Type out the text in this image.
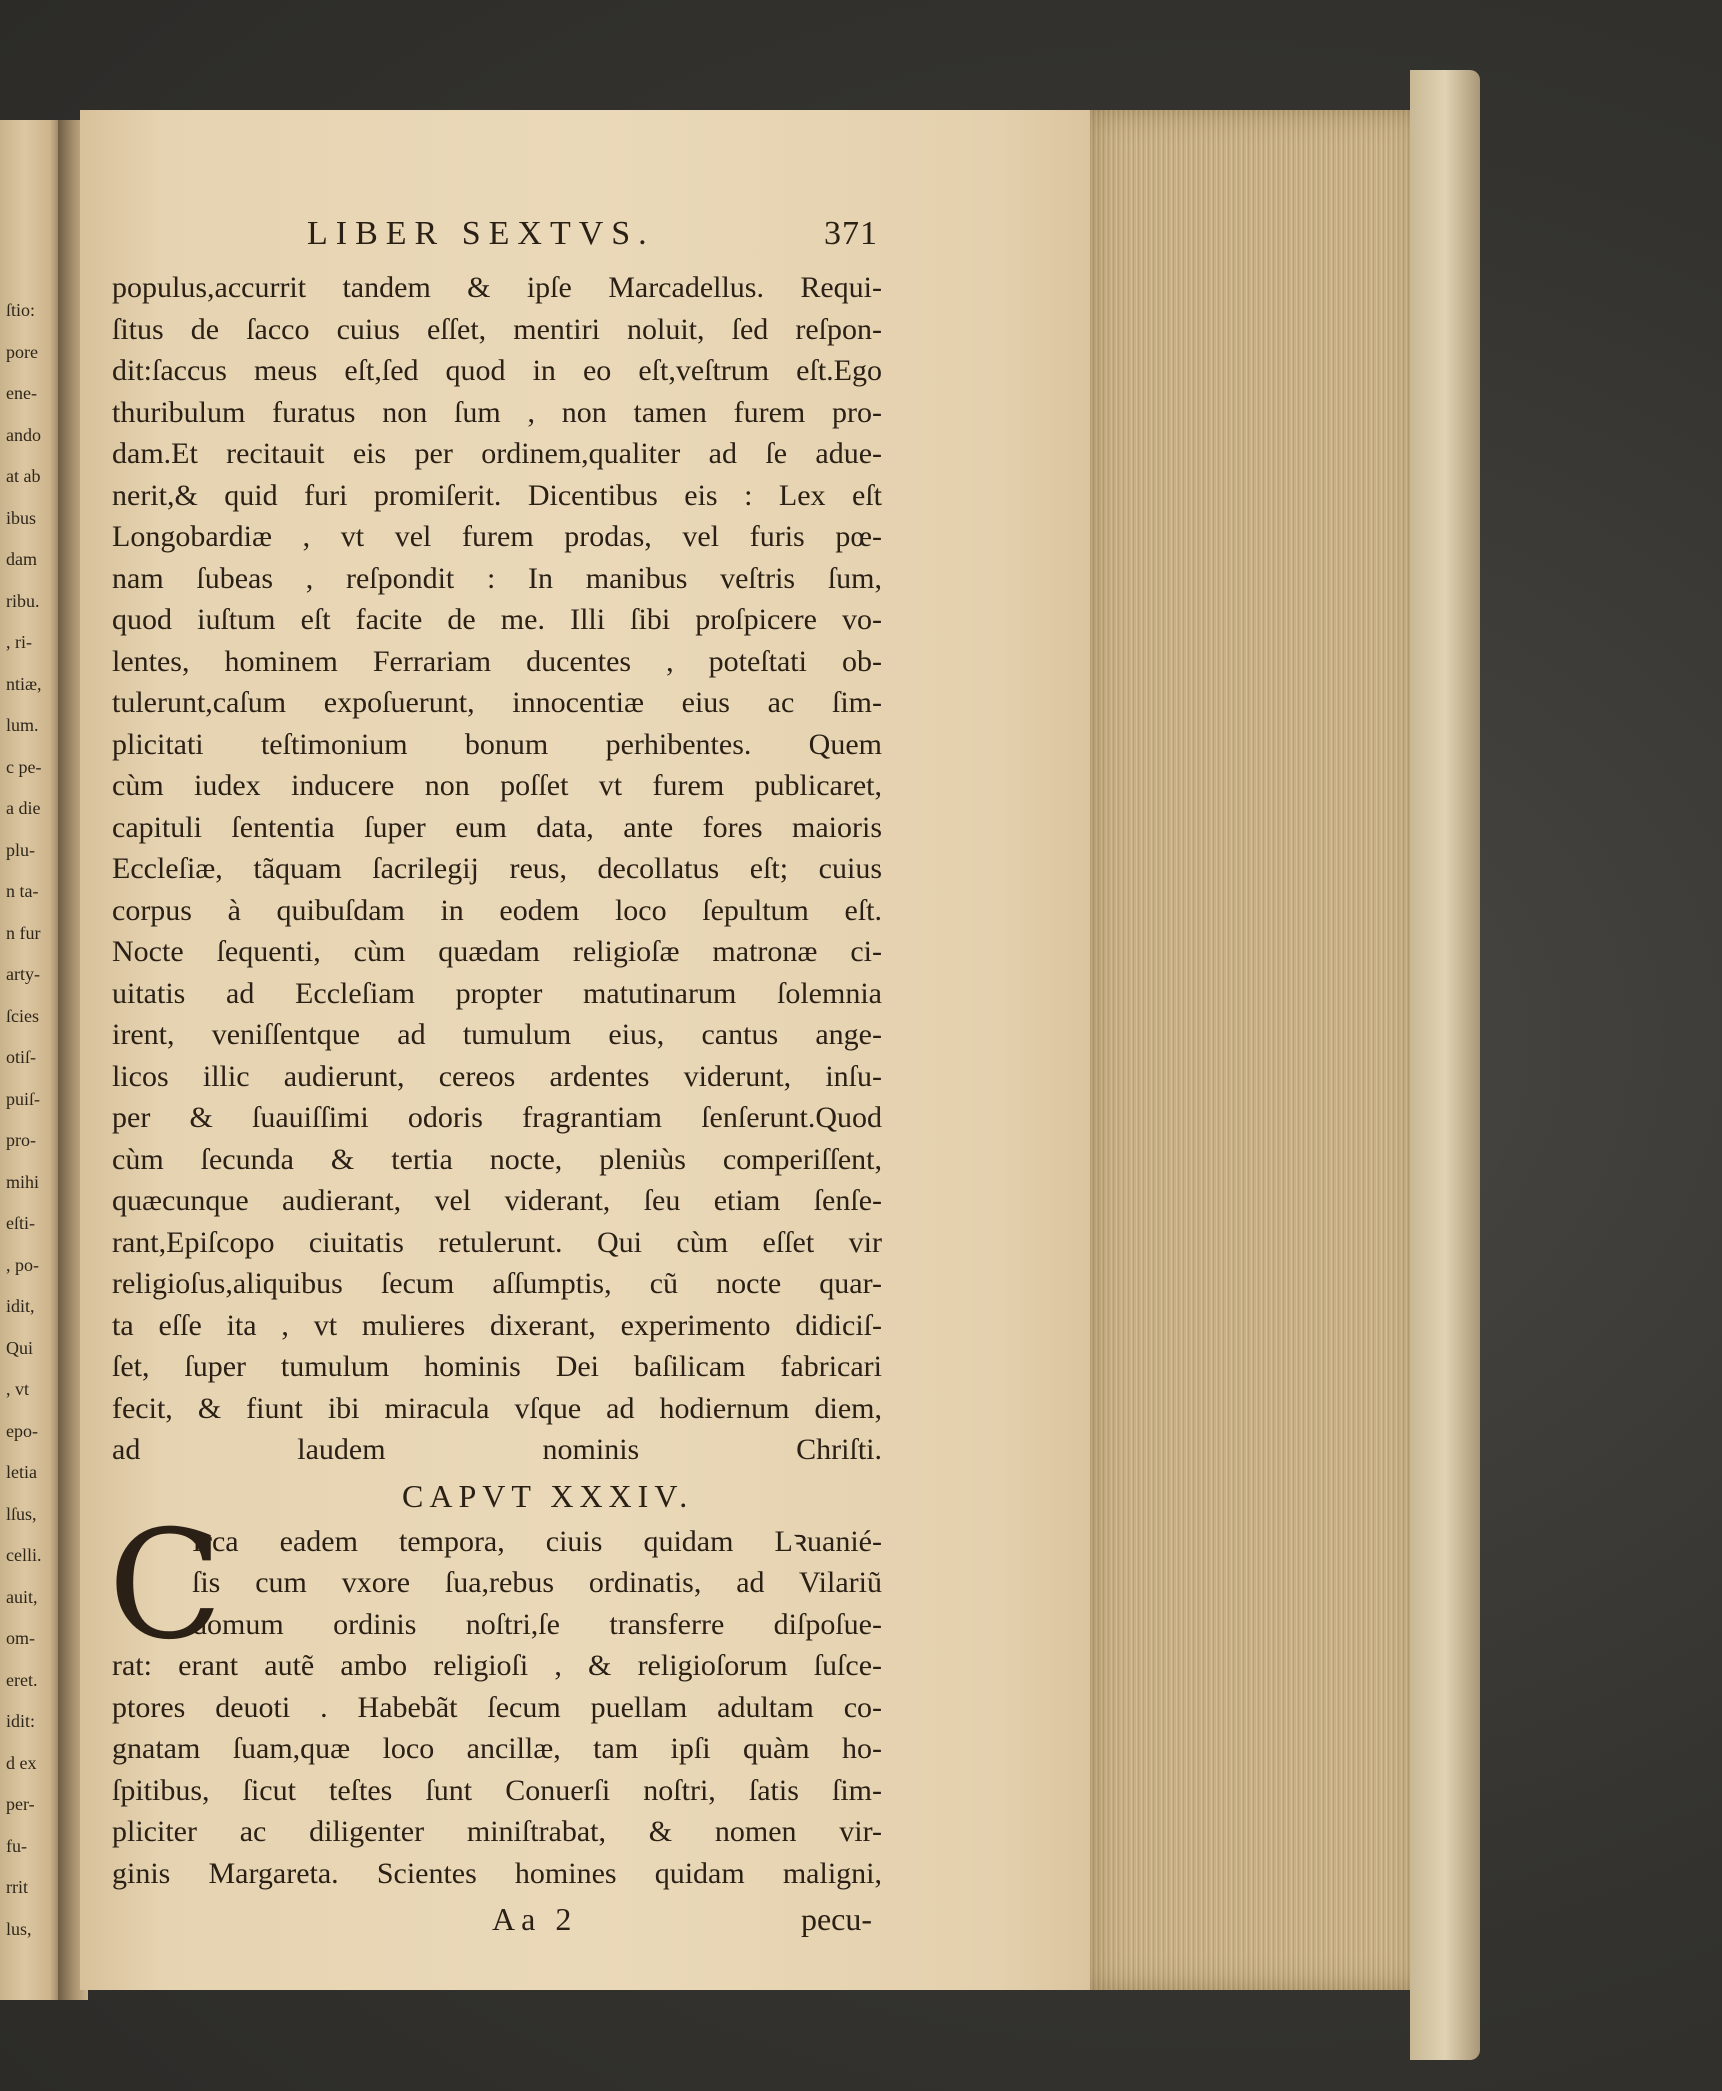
ſtio:
pore
ene-
ando
at ab
ibus
dam
ribu.
, ri-
ntiæ,
lum.
c pe-
a die
plu-
n ta-
n fur
arty-
ſcies
otiſ-
puiſ-
pro-
mihi
eſti-
, po-
idit,
Qui
, vt
epo-
letia
lſus,
celli.
auit,
om-
eret.
idit:
d ex
per-
fu-
rrit
lus,
LIBER SEXTVS.	371
populus,accurrit tandem & ipſe Marcadellus. Requi-
ſitus de ſacco cuius eſſet, mentiri noluit, ſed reſpon-
dit:ſaccus meus eſt,ſed quod in eo eſt,veſtrum eſt.Ego
thuribulum furatus non ſum , non tamen furem pro-
dam.Et recitauit eis per ordinem,qualiter ad ſe adue-
nerit,& quid furi promiſerit. Dicentibus eis : Lex eſt
Longobardiæ , vt vel furem prodas, vel furis pœ-
nam ſubeas , reſpondit : In manibus veſtris ſum,
quod iuſtum eſt facite de me. Illi ſibi proſpicere vo-
lentes, hominem Ferrariam ducentes , poteſtati ob-
tulerunt,caſum expoſuerunt, innocentiæ eius ac ſim-
plicitati teſtimonium bonum perhibentes. Quem
cùm iudex inducere non poſſet vt furem publicaret,
capituli ſententia ſuper eum data, ante fores maioris
Eccleſiæ, tãquam ſacrilegij reus, decollatus eſt; cuius
corpus à quibuſdam in eodem loco ſepultum eſt.
Nocte ſequenti, cùm quædam religioſæ matronæ ci-
uitatis ad Eccleſiam propter matutinarum ſolemnia
irent, veniſſentque ad tumulum eius, cantus ange-
licos illic audierunt, cereos ardentes viderunt, inſu-
per & ſuauiſſimi odoris fragrantiam ſenſerunt.Quod
cùm ſecunda & tertia nocte, pleniùs comperiſſent,
quæcunque audierant, vel viderant, ſeu etiam ſenſe-
rant,Epiſcopo ciuitatis retulerunt. Qui cùm eſſet vir
religioſus,aliquibus ſecum aſſumptis, cũ nocte quar-
ta eſſe ita , vt mulieres dixerant, experimento didiciſ-
ſet, ſuper tumulum hominis Dei baſilicam fabricari
fecit, & fiunt ibi miracula vſque ad hodiernum diem,
ad laudem nominis Chriſti.
CAPVT XXXIV.
C
Irca eadem tempora, ciuis quidam Lꝛuanié-
ſis cum vxore ſua,rebus ordinatis, ad Vilariũ
domum ordinis noſtri,ſe transferre diſpoſue-
rat: erant autẽ ambo religioſi , & religioſorum ſuſce-
ptores deuoti . Habebãt ſecum puellam adultam co-
gnatam ſuam,quæ loco ancillæ, tam ipſi quàm ho-
ſpitibus, ſicut teſtes ſunt Conuerſi noſtri, ſatis ſim-
pliciter ac diligenter miniſtrabat, & nomen vir-
ginis Margareta. Scientes homines quidam maligni,
Aa 2	pecu-
